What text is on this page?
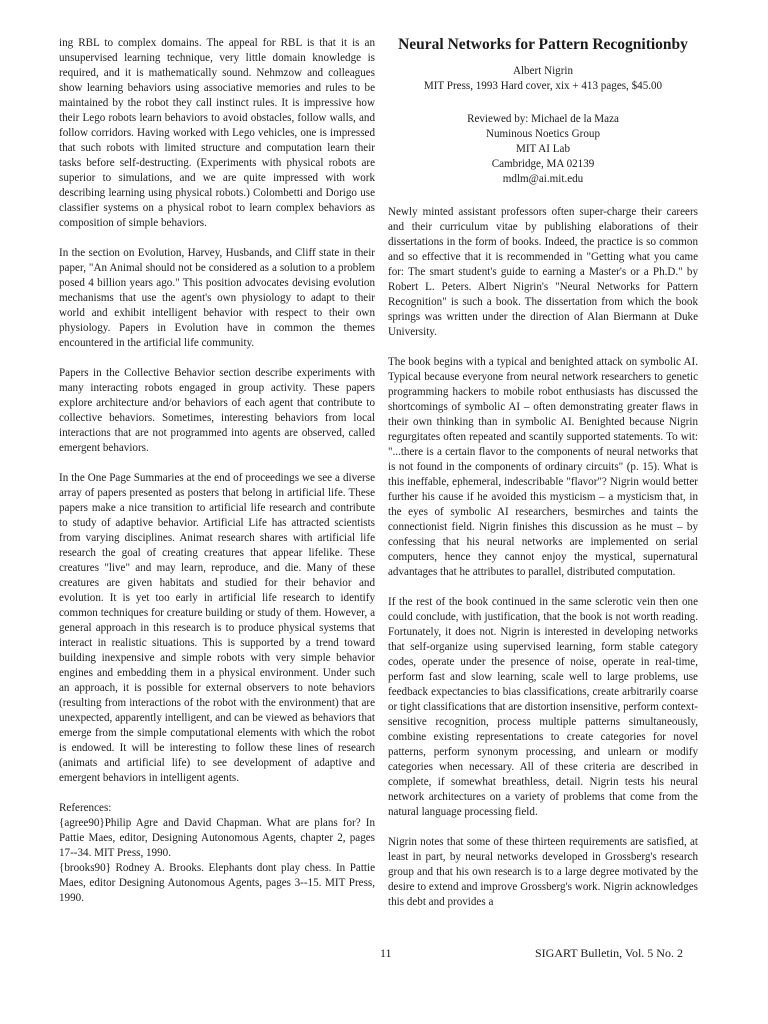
ing RBL to complex domains. The appeal for RBL is that it is an unsupervised learning technique, very little domain knowledge is required, and it is mathematically sound. Nehmzow and colleagues show learning behaviors using associative memories and rules to be maintained by the robot they call instinct rules. It is impressive how their Lego robots learn behaviors to avoid obstacles, follow walls, and follow corridors. Having worked with Lego vehicles, one is impressed that such robots with limited structure and computation learn their tasks before self-destructing. (Experiments with physical robots are superior to simulations, and we are quite impressed with work describing learning using physical robots.) Colombetti and Dorigo use classifier systems on a physical robot to learn complex behaviors as composition of simple behaviors.

In the section on Evolution, Harvey, Husbands, and Cliff state in their paper, "An Animal should not be considered as a solution to a problem posed 4 billion years ago." This position advocates devising evolution mechanisms that use the agent's own physiology to adapt to their world and exhibit intelligent behavior with respect to their own physiology. Papers in Evolution have in common the themes encountered in the artificial life community.

Papers in the Collective Behavior section describe experiments with many interacting robots engaged in group activity. These papers explore architecture and/or behaviors of each agent that contribute to collective behaviors. Sometimes, interesting behaviors from local interactions that are not programmed into agents are observed, called emergent behaviors.

In the One Page Summaries at the end of proceedings we see a diverse array of papers presented as posters that belong in artificial life. These papers make a nice transition to artificial life research and contribute to study of adaptive behavior. Artificial Life has attracted scientists from varying disciplines. Animat research shares with artificial life research the goal of creating creatures that appear lifelike. These creatures "live" and may learn, reproduce, and die. Many of these creatures are given habitats and studied for their behavior and evolution. It is yet too early in artificial life research to identify common techniques for creature building or study of them. However, a general approach in this research is to produce physical systems that interact in realistic situations. This is supported by a trend toward building inexpensive and simple robots with very simple behavior engines and embedding them in a physical environment. Under such an approach, it is possible for external observers to note behaviors (resulting from interactions of the robot with the environment) that are unexpected, apparently intelligent, and can be viewed as behaviors that emerge from the simple computational elements with which the robot is endowed. It will be interesting to follow these lines of research (animats and artificial life) to see development of adaptive and emergent behaviors in intelligent agents.

References:
{agree90}Philip Agre and David Chapman. What are plans for? In Pattie Maes, editor, Designing Autonomous Agents, chapter 2, pages 17--34. MIT Press, 1990.
{brooks90} Rodney A. Brooks. Elephants dont play chess. In Pattie Maes, editor Designing Autonomous Agents, pages 3--15. MIT Press, 1990.
Neural Networks for Pattern Recognitionby
Albert Nigrin
MIT Press, 1993 Hard cover, xix + 413 pages, $45.00
Reviewed by: Michael de la Maza
Numinous Noetics Group
MIT AI Lab
Cambridge, MA 02139
mdlm@ai.mit.edu

Newly minted assistant professors often super-charge their careers and their curriculum vitae by publishing elaborations of their dissertations in the form of books. Indeed, the practice is so common and so effective that it is recommended in "Getting what you came for: The smart student's guide to earning a Master's or a Ph.D." by Robert L. Peters. Albert Nigrin's "Neural Networks for Pattern Recognition" is such a book. The dissertation from which the book springs was written under the direction of Alan Biermann at Duke University.

The book begins with a typical and benighted attack on symbolic AI. Typical because everyone from neural network researchers to genetic programming hackers to mobile robot enthusiasts has discussed the shortcomings of symbolic AI – often demonstrating greater flaws in their own thinking than in symbolic AI. Benighted because Nigrin regurgitates often repeated and scantily supported statements. To wit: "...there is a certain flavor to the components of neural networks that is not found in the components of ordinary circuits" (p. 15). What is this ineffable, ephemeral, indescribable "flavor"? Nigrin would better further his cause if he avoided this mysticism – a mysticism that, in the eyes of symbolic AI researchers, besmirches and taints the connectionist field. Nigrin finishes this discussion as he must – by confessing that his neural networks are implemented on serial computers, hence they cannot enjoy the mystical, supernatural advantages that he attributes to parallel, distributed computation.

If the rest of the book continued in the same sclerotic vein then one could conclude, with justification, that the book is not worth reading. Fortunately, it does not. Nigrin is interested in developing networks that self-organize using supervised learning, form stable category codes, operate under the presence of noise, operate in real-time, perform fast and slow learning, scale well to large problems, use feedback expectancies to bias classifications, create arbitrarily coarse or tight classifications that are distortion insensitive, perform context-sensitive recognition, process multiple patterns simultaneously, combine existing representations to create categories for novel patterns, perform synonym processing, and unlearn or modify categories when necessary. All of these criteria are described in complete, if somewhat breathless, detail. Nigrin tests his neural network architectures on a variety of problems that come from the natural language processing field.

Nigrin notes that some of these thirteen requirements are satisfied, at least in part, by neural networks developed in Grossberg's research group and that his own research is to a large degree motivated by the desire to extend and improve Grossberg's work. Nigrin acknowledges this debt and provides a

11	SIGART Bulletin, Vol. 5 No. 2
